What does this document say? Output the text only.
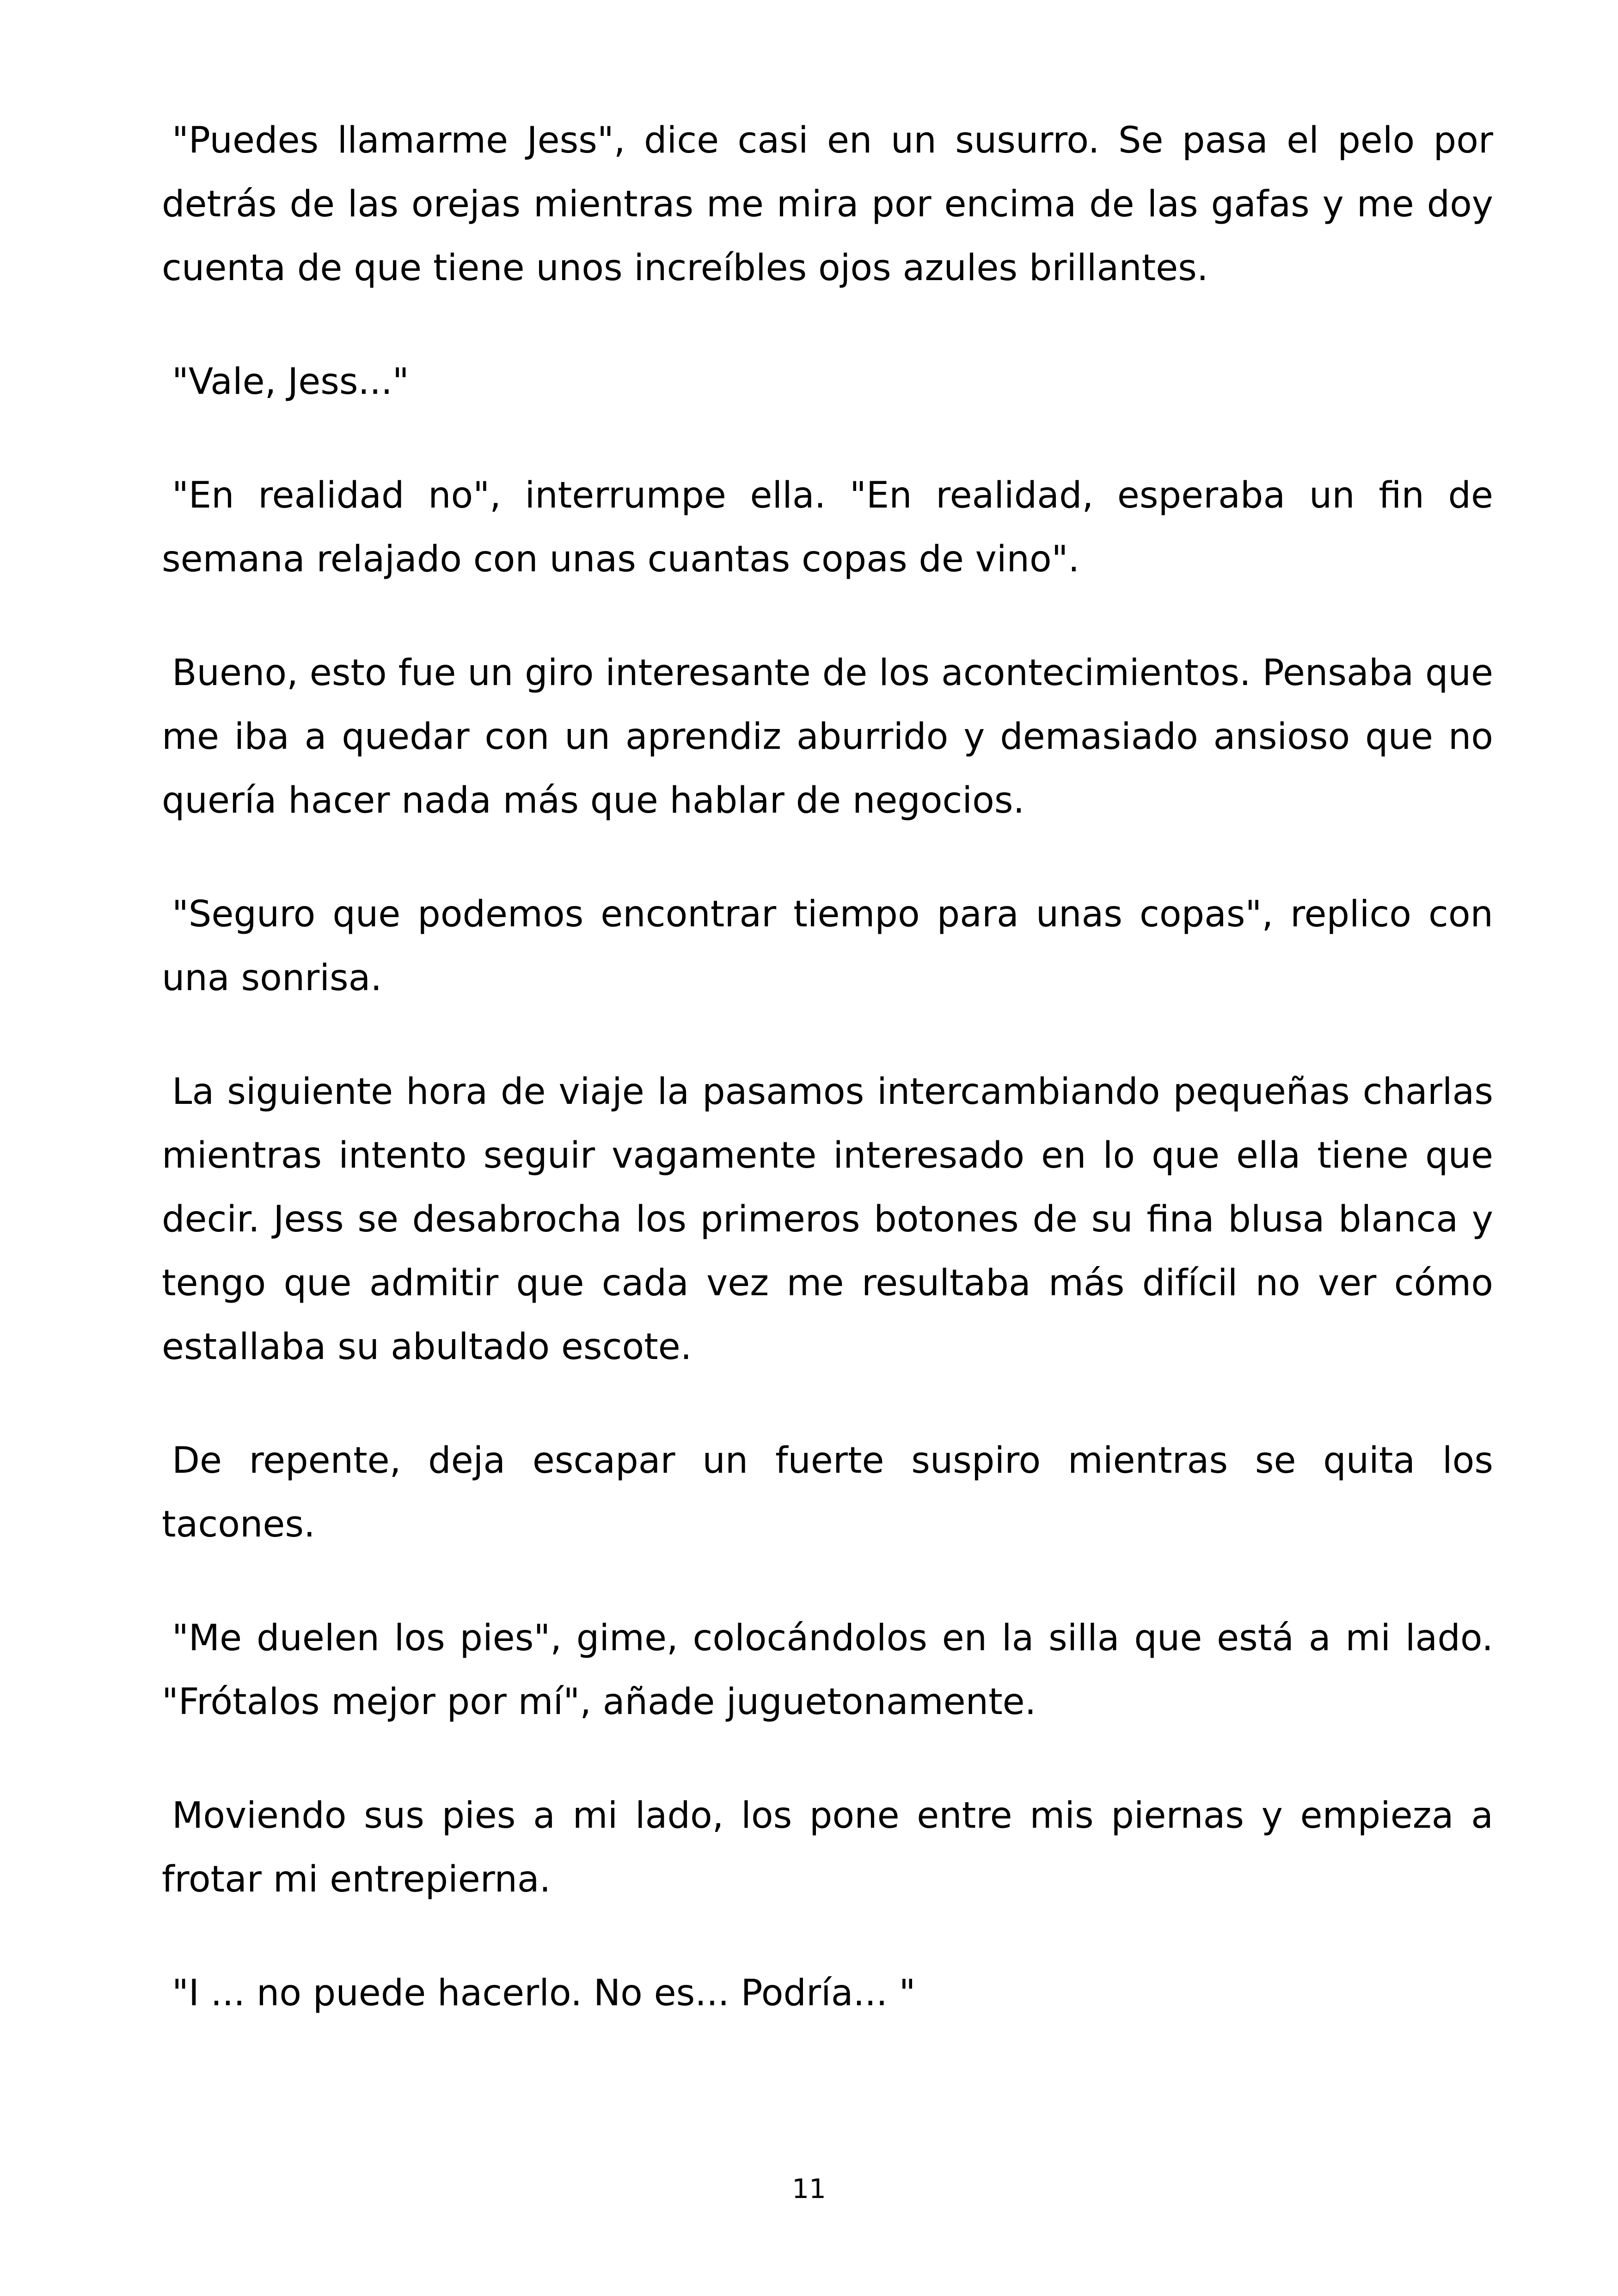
"Puedes llamarme Jess", dice casi en un susurro. Se pasa el pelo por detrás de las orejas mientras me mira por encima de las gafas y me doy cuenta de que tiene unos increíbles ojos azules brillantes.

"Vale, Jess..."

"En realidad no", interrumpe ella. "En realidad, esperaba un fin de semana relajado con unas cuantas copas de vino".

Bueno, esto fue un giro interesante de los acontecimientos. Pensaba que me iba a quedar con un aprendiz aburrido y demasiado ansioso que no quería hacer nada más que hablar de negocios.

"Seguro que podemos encontrar tiempo para unas copas", replico con una sonrisa.

La siguiente hora de viaje la pasamos intercambiando pequeñas charlas mientras intento seguir vagamente interesado en lo que ella tiene que decir. Jess se desabrocha los primeros botones de su fina blusa blanca y tengo que admitir que cada vez me resultaba más difícil no ver cómo estallaba su abultado escote.

De repente, deja escapar un fuerte suspiro mientras se quita los tacones.

"Me duelen los pies", gime, colocándolos en la silla que está a mi lado. "Frótalos mejor por mí", añade juguetonamente.

Moviendo sus pies a mi lado, los pone entre mis piernas y empieza a frotar mi entrepierna.

"I ... no puede hacerlo. No es... Podría... "

11
